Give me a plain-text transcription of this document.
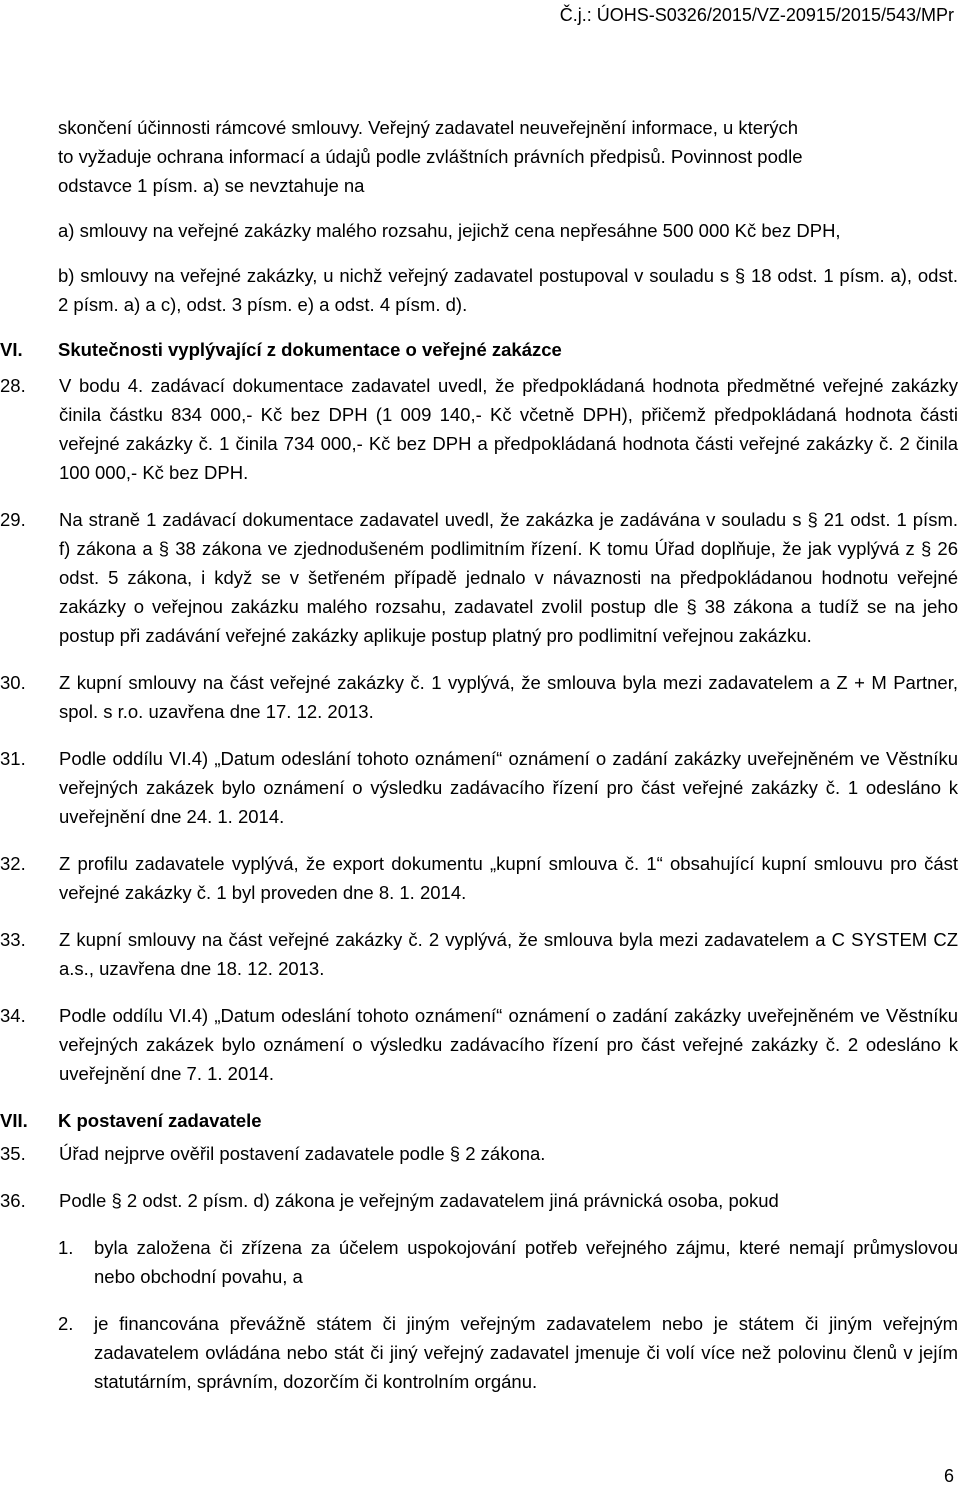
Č.j.: ÚOHS-S0326/2015/VZ-20915/2015/543/MPr

skončení účinnosti rámcové smlouvy. Veřejný zadavatel neuveřejnění informace, u kterých

to vyžaduje ochrana informací a údajů podle zvláštních právních předpisů. Povinnost podle

odstavce 1 písm. a) se nevztahuje na

a) smlouvy na veřejné zakázky malého rozsahu, jejichž cena nepřesáhne 500 000 Kč bez DPH,

b) smlouvy na veřejné zakázky, u nichž veřejný zadavatel postupoval v souladu s § 18 odst. 1 písm. a), odst. 2 písm. a) a c), odst. 3 písm. e) a odst. 4 písm. d).

VI.	Skutečnosti vyplývající z dokumentace o veřejné zakázce
28.	V bodu 4. zadávací dokumentace zadavatel uvedl, že předpokládaná hodnota předmětné veřejné zakázky činila částku 834 000,- Kč bez DPH (1 009 140,- Kč včetně DPH), přičemž předpokládaná hodnota části veřejné zakázky č. 1 činila 734 000,- Kč bez DPH a předpokládaná hodnota části veřejné zakázky č. 2 činila 100 000,- Kč bez DPH.
29.	Na straně 1 zadávací dokumentace zadavatel uvedl, že zakázka je zadávána v souladu s § 21 odst. 1 písm. f) zákona a § 38 zákona ve zjednodušeném podlimitním řízení. K tomu Úřad doplňuje, že jak vyplývá z § 26 odst. 5 zákona, i když se v šetřeném případě jednalo v návaznosti na předpokládanou hodnotu veřejné zakázky o veřejnou zakázku malého rozsahu, zadavatel zvolil postup dle § 38 zákona a tudíž se na jeho postup při zadávání veřejné zakázky aplikuje postup platný pro podlimitní veřejnou zakázku.
30.	Z kupní smlouvy na část veřejné zakázky č. 1 vyplývá, že smlouva byla mezi zadavatelem a Z + M Partner, spol. s r.o. uzavřena dne 17. 12. 2013.
31.	Podle oddílu VI.4) „Datum odeslání tohoto oznámení“ oznámení o zadání zakázky uveřejněném ve Věstníku veřejných zakázek bylo oznámení o výsledku zadávacího řízení pro část veřejné zakázky č. 1 odesláno k uveřejnění dne 24. 1. 2014.
32.	Z profilu zadavatele vyplývá, že export dokumentu „kupní smlouva č. 1“ obsahující kupní smlouvu pro část veřejné zakázky č. 1 byl proveden dne 8. 1. 2014.
33.	Z kupní smlouvy na část veřejné zakázky č. 2 vyplývá, že smlouva byla mezi zadavatelem a C SYSTEM CZ a.s., uzavřena dne 18. 12. 2013.
34.	Podle oddílu VI.4) „Datum odeslání tohoto oznámení“ oznámení o zadání zakázky uveřejněném ve Věstníku veřejných zakázek bylo oznámení o výsledku zadávacího řízení pro část veřejné zakázky č. 2 odesláno k uveřejnění dne 7. 1. 2014.
VII.	K postavení zadavatele
35.	Úřad nejprve ověřil postavení zadavatele podle § 2 zákona.
36.	Podle § 2 odst. 2 písm. d) zákona je veřejným zadavatelem jiná právnická osoba, pokud
1. byla založena či zřízena za účelem uspokojování potřeb veřejného zájmu, které nemají průmyslovou nebo obchodní povahu, a
2. je financována převážně státem či jiným veřejným zadavatelem nebo je státem či jiným veřejným zadavatelem ovládána nebo stát či jiný veřejný zadavatel jmenuje či volí více než polovinu členů v jejím statutárním, správním, dozorčím či kontrolním orgánu.
6
